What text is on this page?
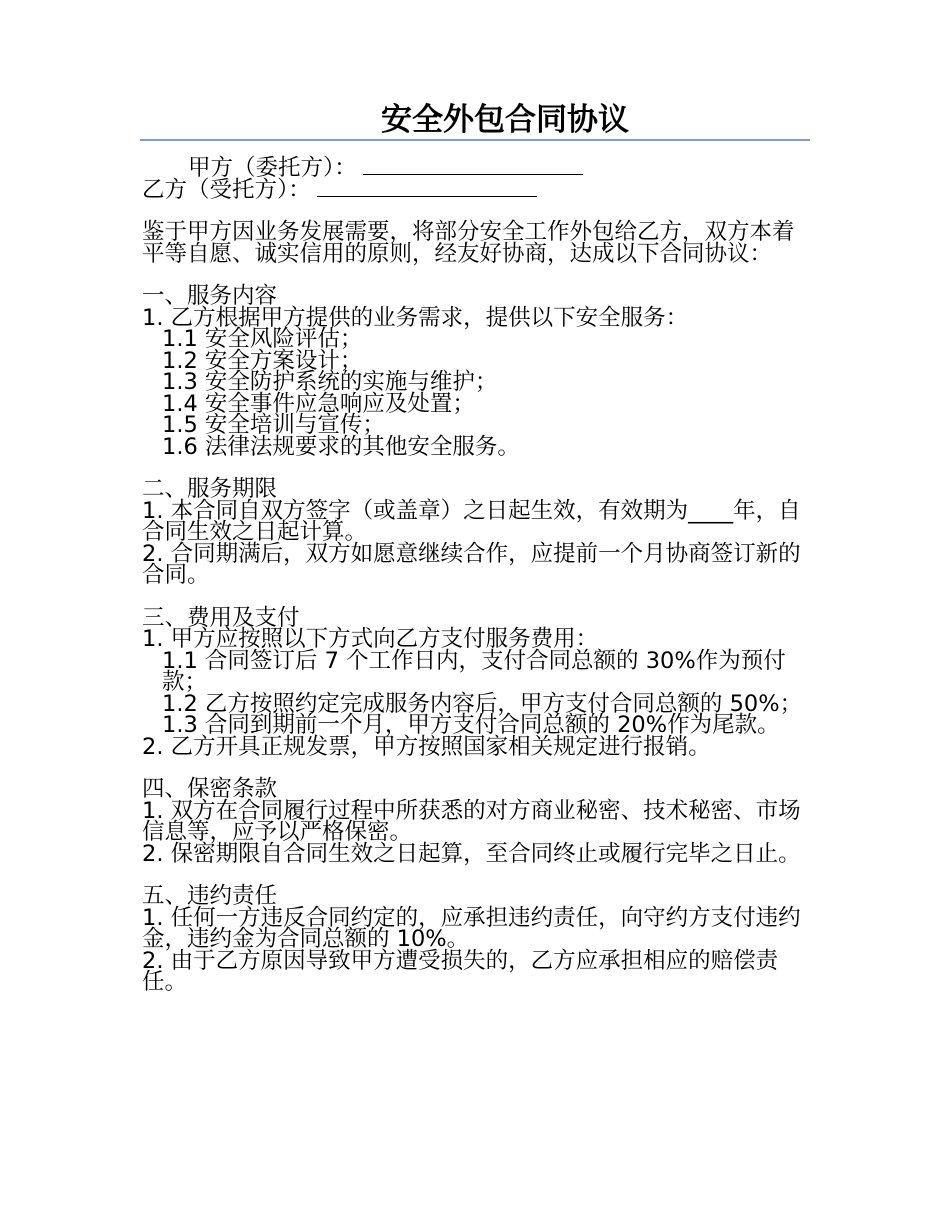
安全外包合同协议

甲方（委托方）：

乙方（受托方）：

鉴于甲方因业务发展需要，将部分安全工作外包给乙方，双方本着平等自愿、诚实信用的原则，经友好协商，达成以下合同协议：

一、服务内容

1. 乙方根据甲方提供的业务需求，提供以下安全服务：

1.1 安全风险评估；

1.2 安全方案设计；

1.3 安全防护系统的实施与维护；

1.4 安全事件应急响应及处置；

1.5 安全培训与宣传；

1.6 法律法规要求的其他安全服务。

二、服务期限

1. 本合同自双方签字（或盖章）之日起生效，有效期为____年，自合同生效之日起计算。

2. 合同期满后，双方如愿意继续合作，应提前一个月协商签订新的合同。

三、费用及支付

1. 甲方应按照以下方式向乙方支付服务费用：

1.1 合同签订后 7 个工作日内，支付合同总额的 30%作为预付款；

1.2 乙方按照约定完成服务内容后，甲方支付合同总额的 50%；

1.3 合同到期前一个月，甲方支付合同总额的 20%作为尾款。

2. 乙方开具正规发票，甲方按照国家相关规定进行报销。

四、保密条款

1. 双方在合同履行过程中所获悉的对方商业秘密、技术秘密、市场信息等，应予以严格保密。

2. 保密期限自合同生效之日起算，至合同终止或履行完毕之日止。

五、违约责任

1. 任何一方违反合同约定的，应承担违约责任，向守约方支付违约金，违约金为合同总额的 10%。

2. 由于乙方原因导致甲方遭受损失的，乙方应承担相应的赔偿责任。
